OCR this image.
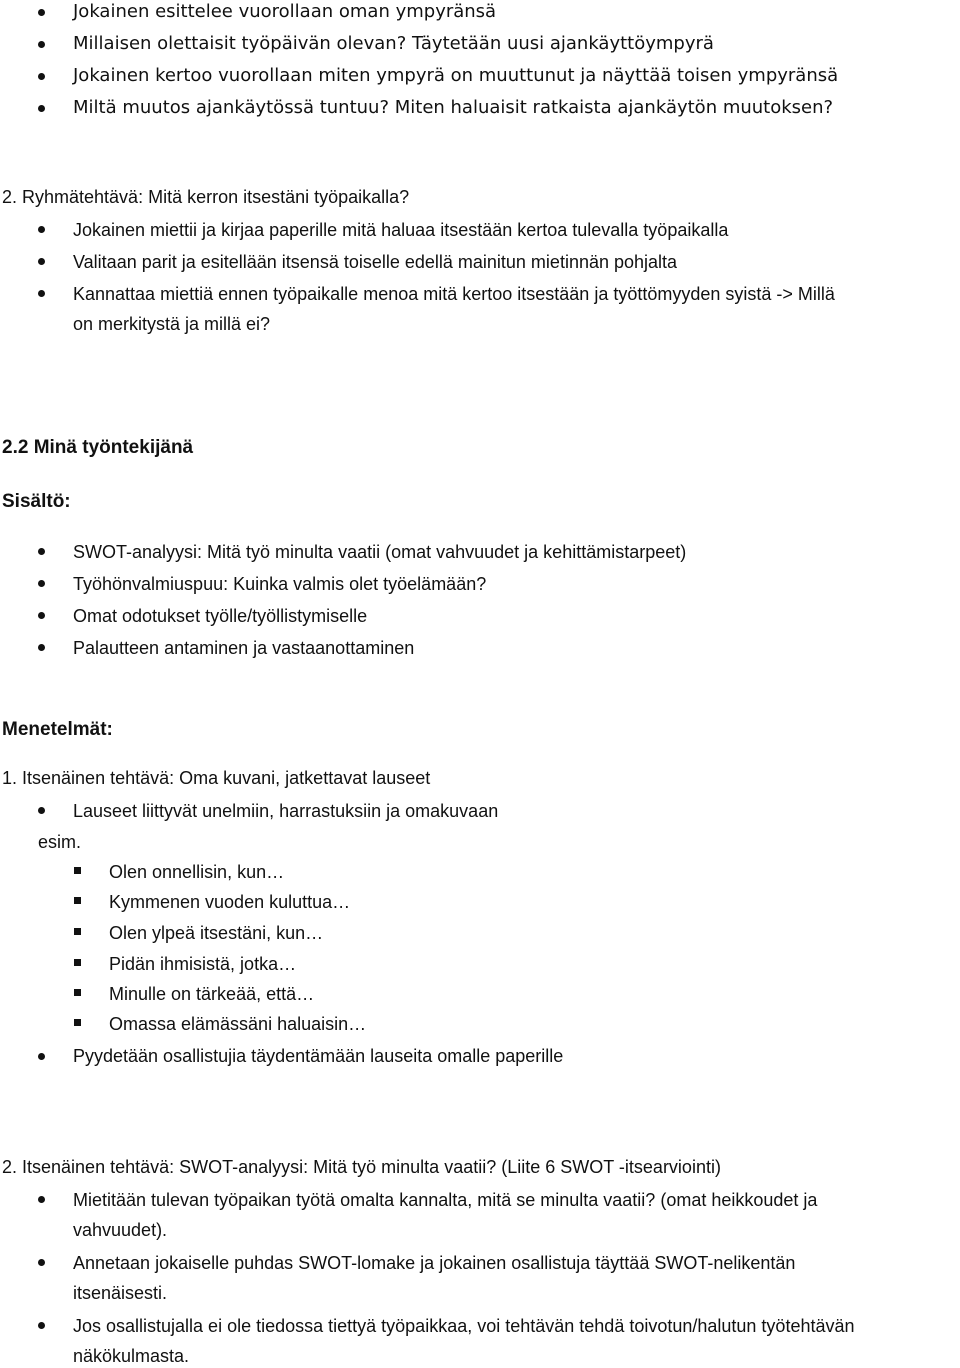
Jokainen esittelee vuorollaan oman ympyränsä
Millaisen olettaisit työpäivän olevan? Täytetään uusi ajankäyttöympyrä
Jokainen kertoo vuorollaan miten ympyrä on muuttunut ja näyttää toisen ympyränsä
Miltä muutos ajankäytössä tuntuu? Miten haluaisit ratkaista ajankäytön muutoksen?
2. Ryhmätehtävä: Mitä kerron itsestäni työpaikalla?
Jokainen miettii ja kirjaa paperille mitä haluaa itsestään kertoa tulevalla työpaikalla
Valitaan parit ja esitellään itsensä toiselle edellä mainitun mietinnän pohjalta
Kannattaa miettiä ennen työpaikalle menoa mitä kertoo itsestään ja työttömyyden syistä -> Millä
on merkitystä ja millä ei?
2.2 Minä työntekijänä
Sisältö:
SWOT-analyysi: Mitä työ minulta vaatii (omat vahvuudet ja kehittämistarpeet)
Työhönvalmiuspuu: Kuinka valmis olet työelämään?
Omat odotukset työlle/työllistymiselle
Palautteen antaminen ja vastaanottaminen
Menetelmät:
1. Itsenäinen tehtävä: Oma kuvani, jatkettavat lauseet
Lauseet liittyvät unelmiin, harrastuksiin ja omakuvaan
esim.
Olen onnellisin, kun…
Kymmenen vuoden kuluttua…
Olen ylpeä itsestäni, kun…
Pidän ihmisistä, jotka…
Minulle on tärkeää, että…
Omassa elämässäni haluaisin…
Pyydetään osallistujia täydentämään lauseita omalle paperille
2. Itsenäinen tehtävä: SWOT-analyysi: Mitä työ minulta vaatii? (Liite 6 SWOT -itsearviointi)
Mietitään tulevan työpaikan työtä omalta kannalta, mitä se minulta vaatii? (omat heikkoudet ja
vahvuudet).
Annetaan jokaiselle puhdas SWOT-lomake ja jokainen osallistuja täyttää SWOT-nelikentän
itsenäisesti.
Jos osallistujalla ei ole tiedossa tiettyä työpaikkaa, voi tehtävän tehdä toivotun/halutun työtehtävän
näkökulmasta.
